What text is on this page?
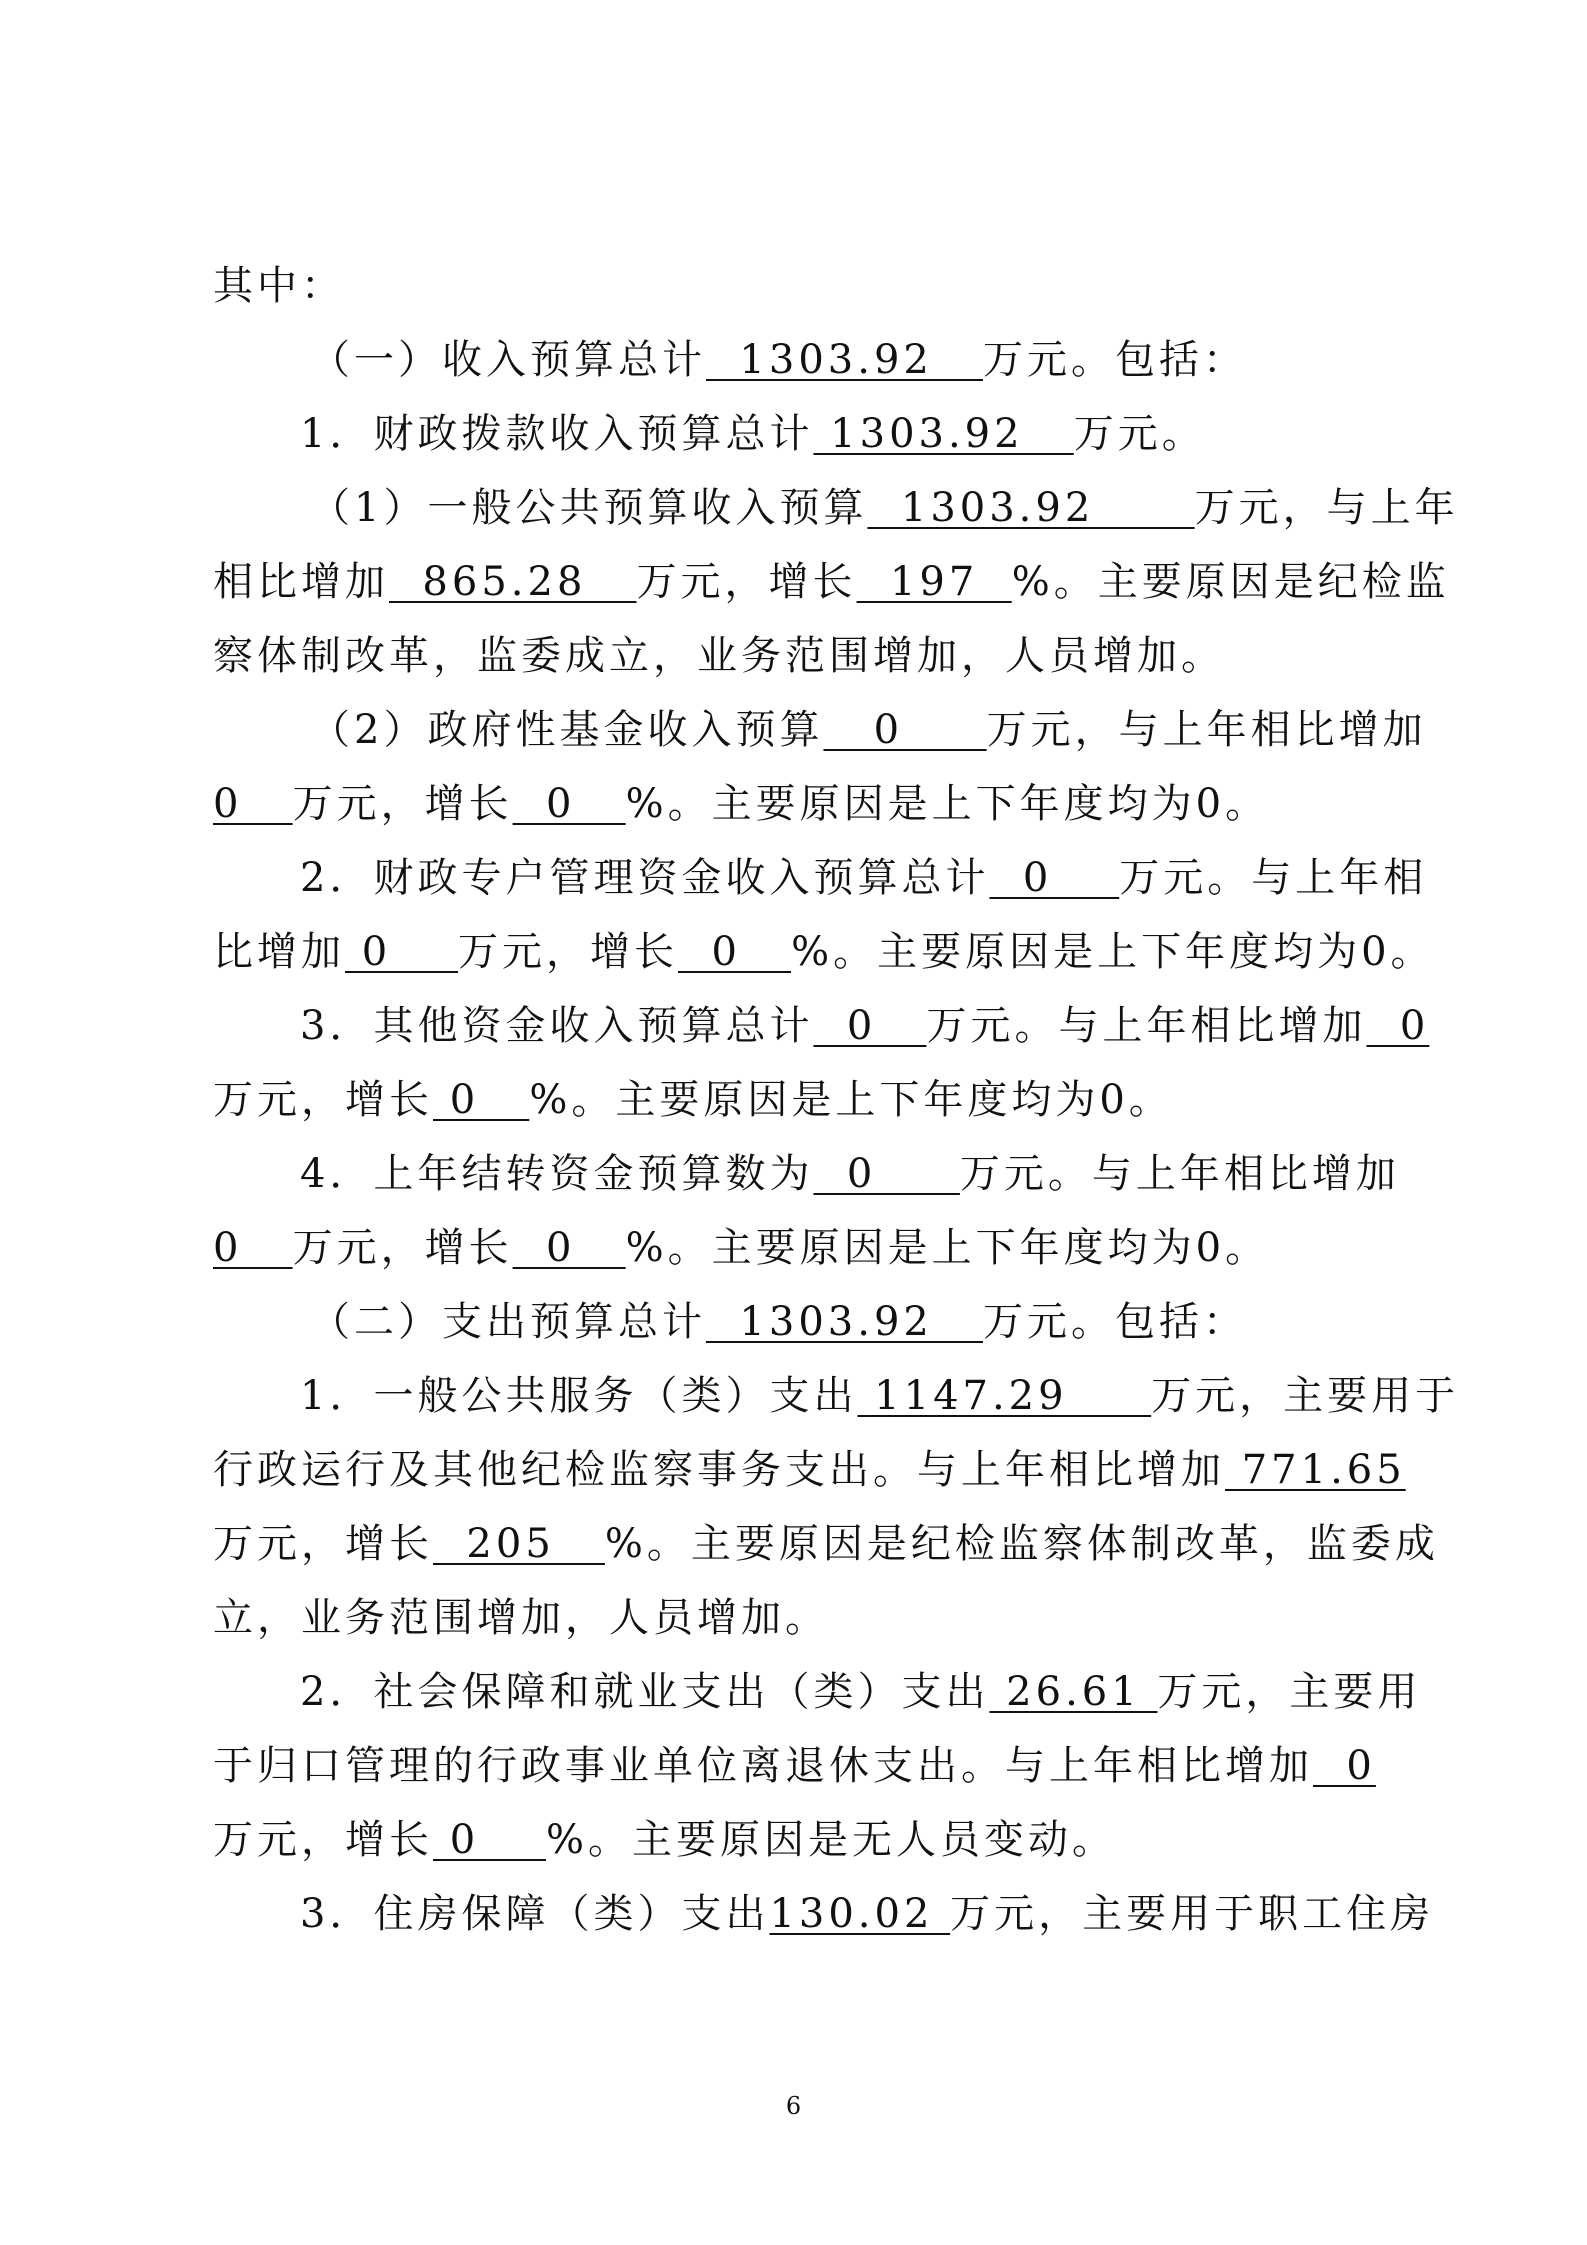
其中：
（一）收入预算总计  1303.92   万元。包括：
1．财政拨款收入预算总计 1303.92   万元。
（1）一般公共预算收入预算  1303.92      万元，与上年
相比增加  865.28   万元，增长  197  %。主要原因是纪检监
察体制改革，监委成立，业务范围增加，人员增加。
（2）政府性基金收入预算   0     万元，与上年相比增加
0   万元，增长  0   %。主要原因是上下年度均为0。
2．财政专户管理资金收入预算总计  0    万元。与上年相
比增加 0    万元，增长  0   %。主要原因是上下年度均为0。
3．其他资金收入预算总计  0   万元。与上年相比增加  0
万元，增长 0   %。主要原因是上下年度均为0。
4．上年结转资金预算数为  0     万元。与上年相比增加
0   万元，增长  0   %。主要原因是上下年度均为0。
（二）支出预算总计  1303.92   万元。包括：
1．一般公共服务（类）支出 1147.29     万元，主要用于
行政运行及其他纪检监察事务支出。与上年相比增加 771.65
万元，增长  205   %。主要原因是纪检监察体制改革，监委成
立，业务范围增加，人员增加。
2．社会保障和就业支出（类）支出 26.61 万元，主要用
于归口管理的行政事业单位离退休支出。与上年相比增加  0
万元，增长 0    %。主要原因是无人员变动。
3．住房保障（类）支出130.02 万元，主要用于职工住房
6
